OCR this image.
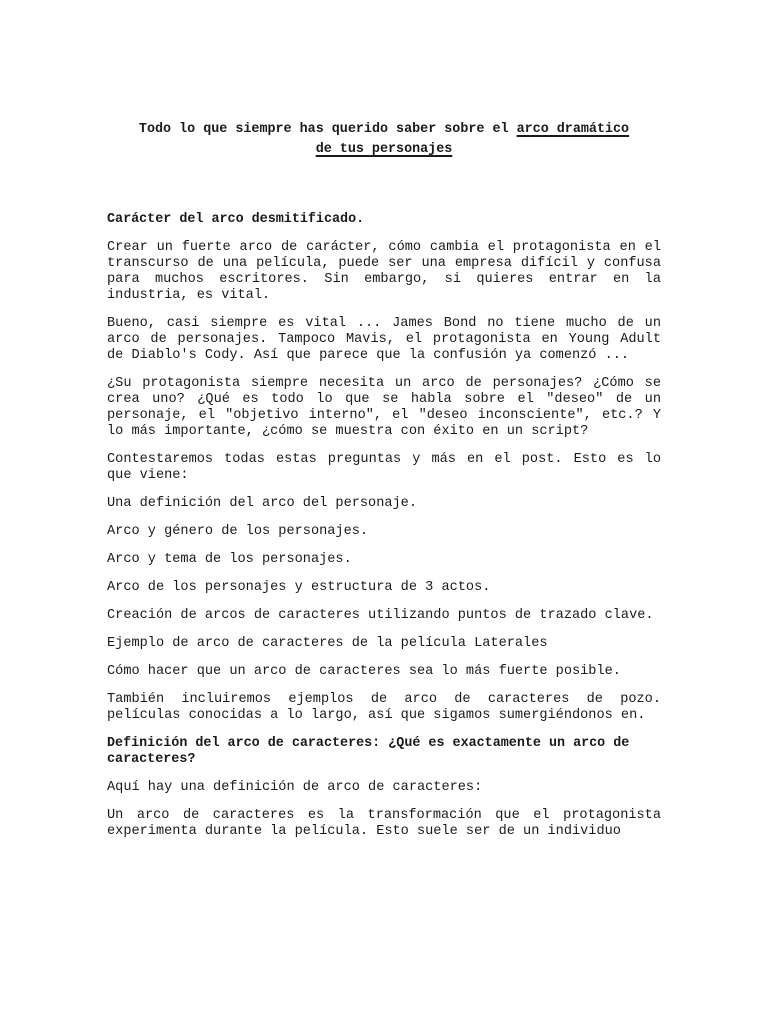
Todo lo que siempre has querido saber sobre el arco dramático
de tus personajes

Carácter del arco desmitificado.

Crear un fuerte arco de carácter, cómo cambia el protagonista en el transcurso de una película, puede ser una empresa difícil y confusa para muchos escritores. Sin embargo, si quieres entrar en la industria, es vital.

Bueno, casi siempre es vital ... James Bond no tiene mucho de un arco de personajes. Tampoco Mavis, el protagonista en Young Adult de Diablo's Cody. Así que parece que la confusión ya comenzó ...

¿Su protagonista siempre necesita un arco de personajes? ¿Cómo se crea uno? ¿Qué es todo lo que se habla sobre el "deseo" de un personaje, el "objetivo interno", el "deseo inconsciente", etc.? Y lo más importante, ¿cómo se muestra con éxito en un script?

Contestaremos todas estas preguntas y más en el post. Esto es lo que viene:

Una definición del arco del personaje.

Arco y género de los personajes.

Arco y tema de los personajes.

Arco de los personajes y estructura de 3 actos.

Creación de arcos de caracteres utilizando puntos de trazado clave.

Ejemplo de arco de caracteres de la película Laterales

Cómo hacer que un arco de caracteres sea lo más fuerte posible.

También incluiremos ejemplos de arco de caracteres de pozo. películas conocidas a lo largo, así que sigamos sumergiéndonos en.

Definición del arco de caracteres: ¿Qué es exactamente un arco de caracteres?

Aquí hay una definición de arco de caracteres:

Un arco de caracteres es la transformación que el protagonista experimenta durante la película. Esto suele ser de un individuo
